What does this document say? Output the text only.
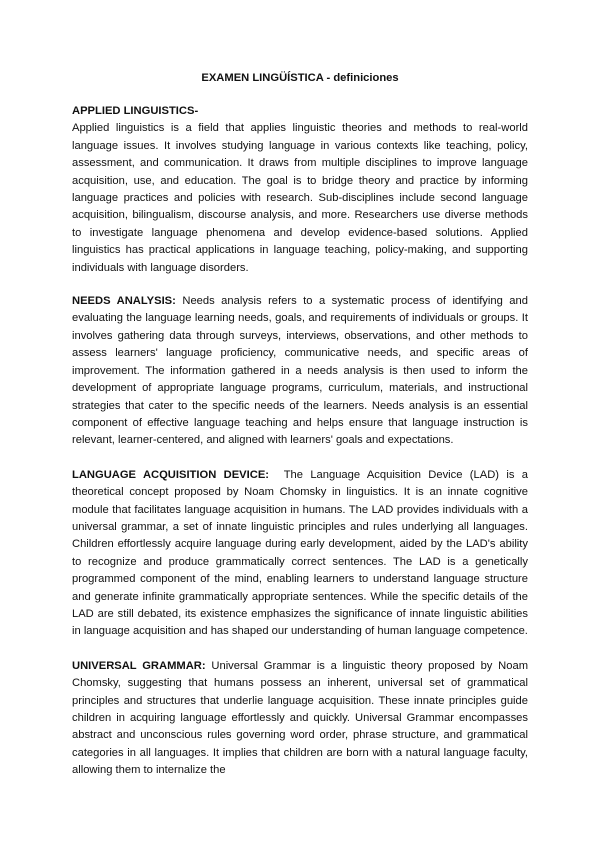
EXAMEN LINGÜÍSTICA - definiciones
APPLIED LINGUISTICS-

Applied linguistics is a field that applies linguistic theories and methods to real-world language issues. It involves studying language in various contexts like teaching, policy, assessment, and communication. It draws from multiple disciplines to improve language acquisition, use, and education. The goal is to bridge theory and practice by informing language practices and policies with research. Sub-disciplines include second language acquisition, bilingualism, discourse analysis, and more. Researchers use diverse methods to investigate language phenomena and develop evidence-based solutions. Applied linguistics has practical applications in language teaching, policy-making, and supporting individuals with language disorders.

NEEDS ANALYSIS: Needs analysis refers to a systematic process of identifying and evaluating the language learning needs, goals, and requirements of individuals or groups. It involves gathering data through surveys, interviews, observations, and other methods to assess learners' language proficiency, communicative needs, and specific areas of improvement. The information gathered in a needs analysis is then used to inform the development of appropriate language programs, curriculum, materials, and instructional strategies that cater to the specific needs of the learners. Needs analysis is an essential component of effective language teaching and helps ensure that language instruction is relevant, learner-centered, and aligned with learners' goals and expectations.

LANGUAGE ACQUISITION DEVICE: The Language Acquisition Device (LAD) is a theoretical concept proposed by Noam Chomsky in linguistics. It is an innate cognitive module that facilitates language acquisition in humans. The LAD provides individuals with a universal grammar, a set of innate linguistic principles and rules underlying all languages. Children effortlessly acquire language during early development, aided by the LAD's ability to recognize and produce grammatically correct sentences. The LAD is a genetically programmed component of the mind, enabling learners to understand language structure and generate infinite grammatically appropriate sentences. While the specific details of the LAD are still debated, its existence emphasizes the significance of innate linguistic abilities in language acquisition and has shaped our understanding of human language competence.

UNIVERSAL GRAMMAR: Universal Grammar is a linguistic theory proposed by Noam Chomsky, suggesting that humans possess an inherent, universal set of grammatical principles and structures that underlie language acquisition. These innate principles guide children in acquiring language effortlessly and quickly. Universal Grammar encompasses abstract and unconscious rules governing word order, phrase structure, and grammatical categories in all languages. It implies that children are born with a natural language faculty, allowing them to internalize the
